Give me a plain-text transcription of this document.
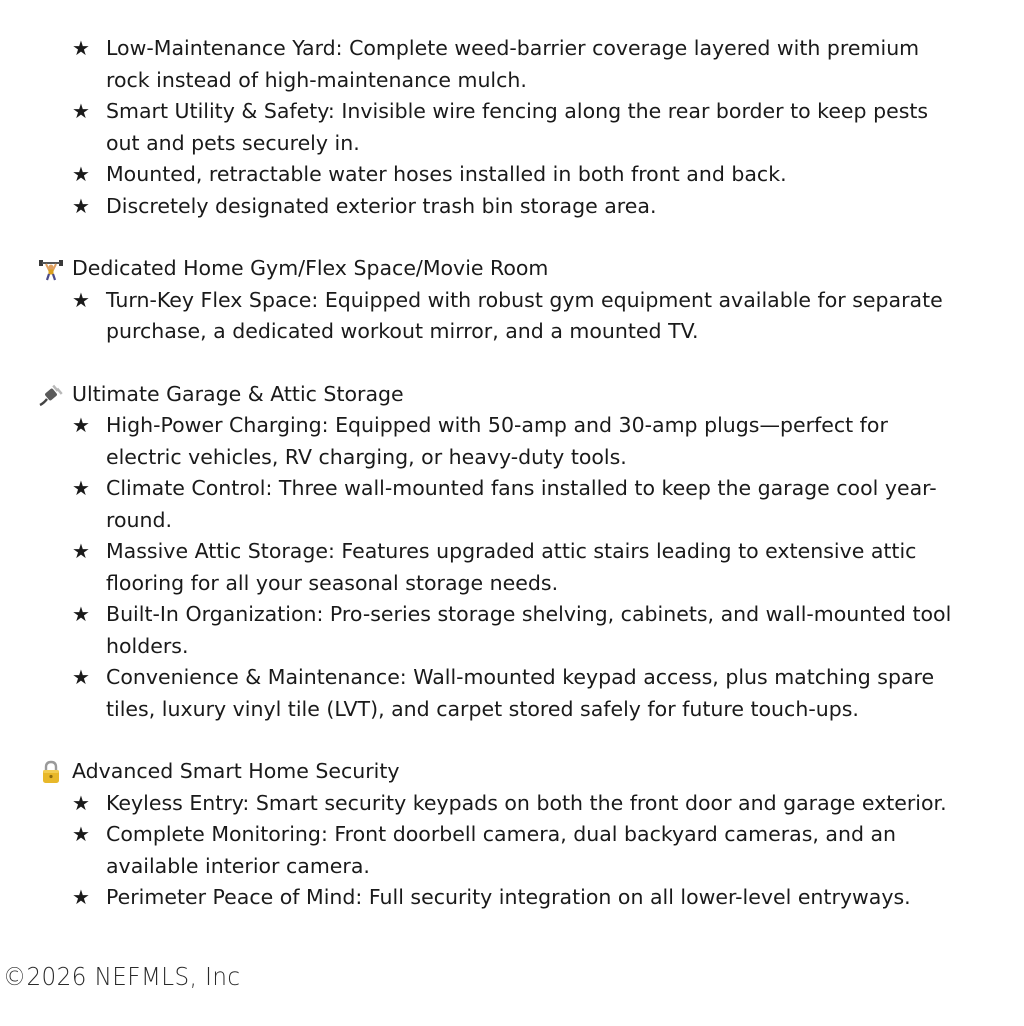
★ Low-Maintenance Yard: Complete weed-barrier coverage layered with premium rock instead of high-maintenance mulch.
★ Smart Utility & Safety: Invisible wire fencing along the rear border to keep pests out and pets securely in.
★ Mounted, retractable water hoses installed in both front and back.
★ Discretely designated exterior trash bin storage area.
Dedicated Home Gym/Flex Space/Movie Room
★ Turn-Key Flex Space: Equipped with robust gym equipment available for separate purchase, a dedicated workout mirror, and a mounted TV.
Ultimate Garage & Attic Storage
★ High-Power Charging: Equipped with 50-amp and 30-amp plugs—perfect for electric vehicles, RV charging, or heavy-duty tools.
★ Climate Control: Three wall-mounted fans installed to keep the garage cool year-round.
★ Massive Attic Storage: Features upgraded attic stairs leading to extensive attic flooring for all your seasonal storage needs.
★ Built-In Organization: Pro-series storage shelving, cabinets, and wall-mounted tool holders.
★ Convenience & Maintenance: Wall-mounted keypad access, plus matching spare tiles, luxury vinyl tile (LVT), and carpet stored safely for future touch-ups.
Advanced Smart Home Security
★ Keyless Entry: Smart security keypads on both the front door and garage exterior.
★ Complete Monitoring: Front doorbell camera, dual backyard cameras, and an available interior camera.
★ Perimeter Peace of Mind: Full security integration on all lower-level entryways.
©2026 NEFMLS, Inc
